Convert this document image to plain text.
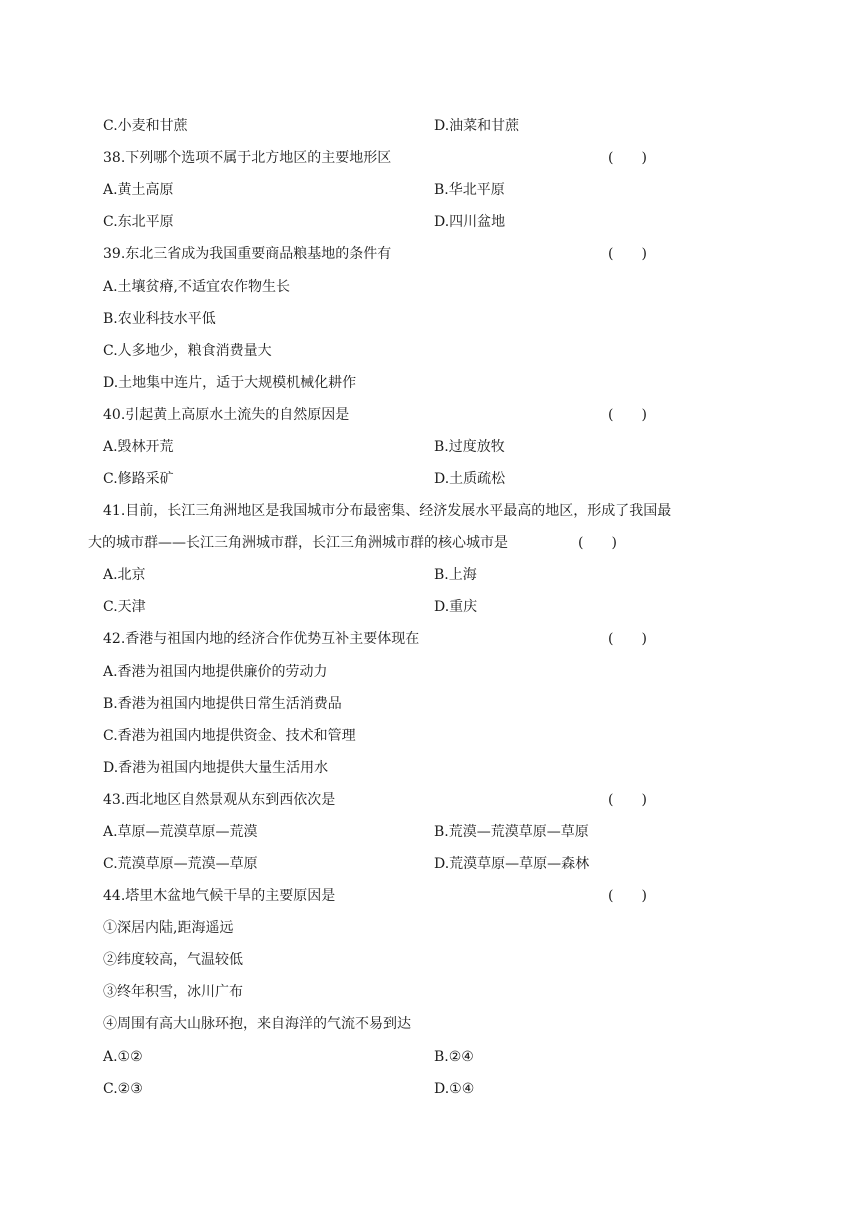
C.小麦和甘蔗	D.油菜和甘蔗
38.下列哪个选项不属于北方地区的主要地形区	(　　)
A.黄土高原	B.华北平原
C.东北平原	D.四川盆地
39.东北三省成为我国重要商品粮基地的条件有	(　　)
A.土壤贫瘠,不适宜农作物生长
B.农业科技水平低
C.人多地少，粮食消费量大
D.土地集中连片，适于大规模机械化耕作
40.引起黄上高原水土流失的自然原因是	(　　)
A.毁林开荒	B.过度放牧
C.修路采矿	D.土质疏松
41.目前，长江三角洲地区是我国城市分布最密集、经济发展水平最高的地区，形成了我国最
大的城市群——长江三角洲城市群，长江三角洲城市群的核心城市是	(　　)
A.北京	B.上海
C.天津	D.重庆
42.香港与祖国内地的经济合作优势互补主要体现在	(　　)
A.香港为祖国内地提供廉价的劳动力
B.香港为祖国内地提供日常生活消费品
C.香港为祖国内地提供资金、技术和管理
D.香港为祖国内地提供大量生活用水
43.西北地区自然景观从东到西依次是	(　　)
A.草原—荒漠草原—荒漠	B.荒漠—荒漠草原—草原
C.荒漠草原—荒漠—草原	D.荒漠草原—草原—森林
44.塔里木盆地气候干旱的主要原因是	(　　)
①深居内陆,距海遥远
②纬度较高，气温较低
③终年积雪，冰川广布
④周围有高大山脉环抱，来自海洋的气流不易到达
A.①②	B.②④
C.②③	D.①④
